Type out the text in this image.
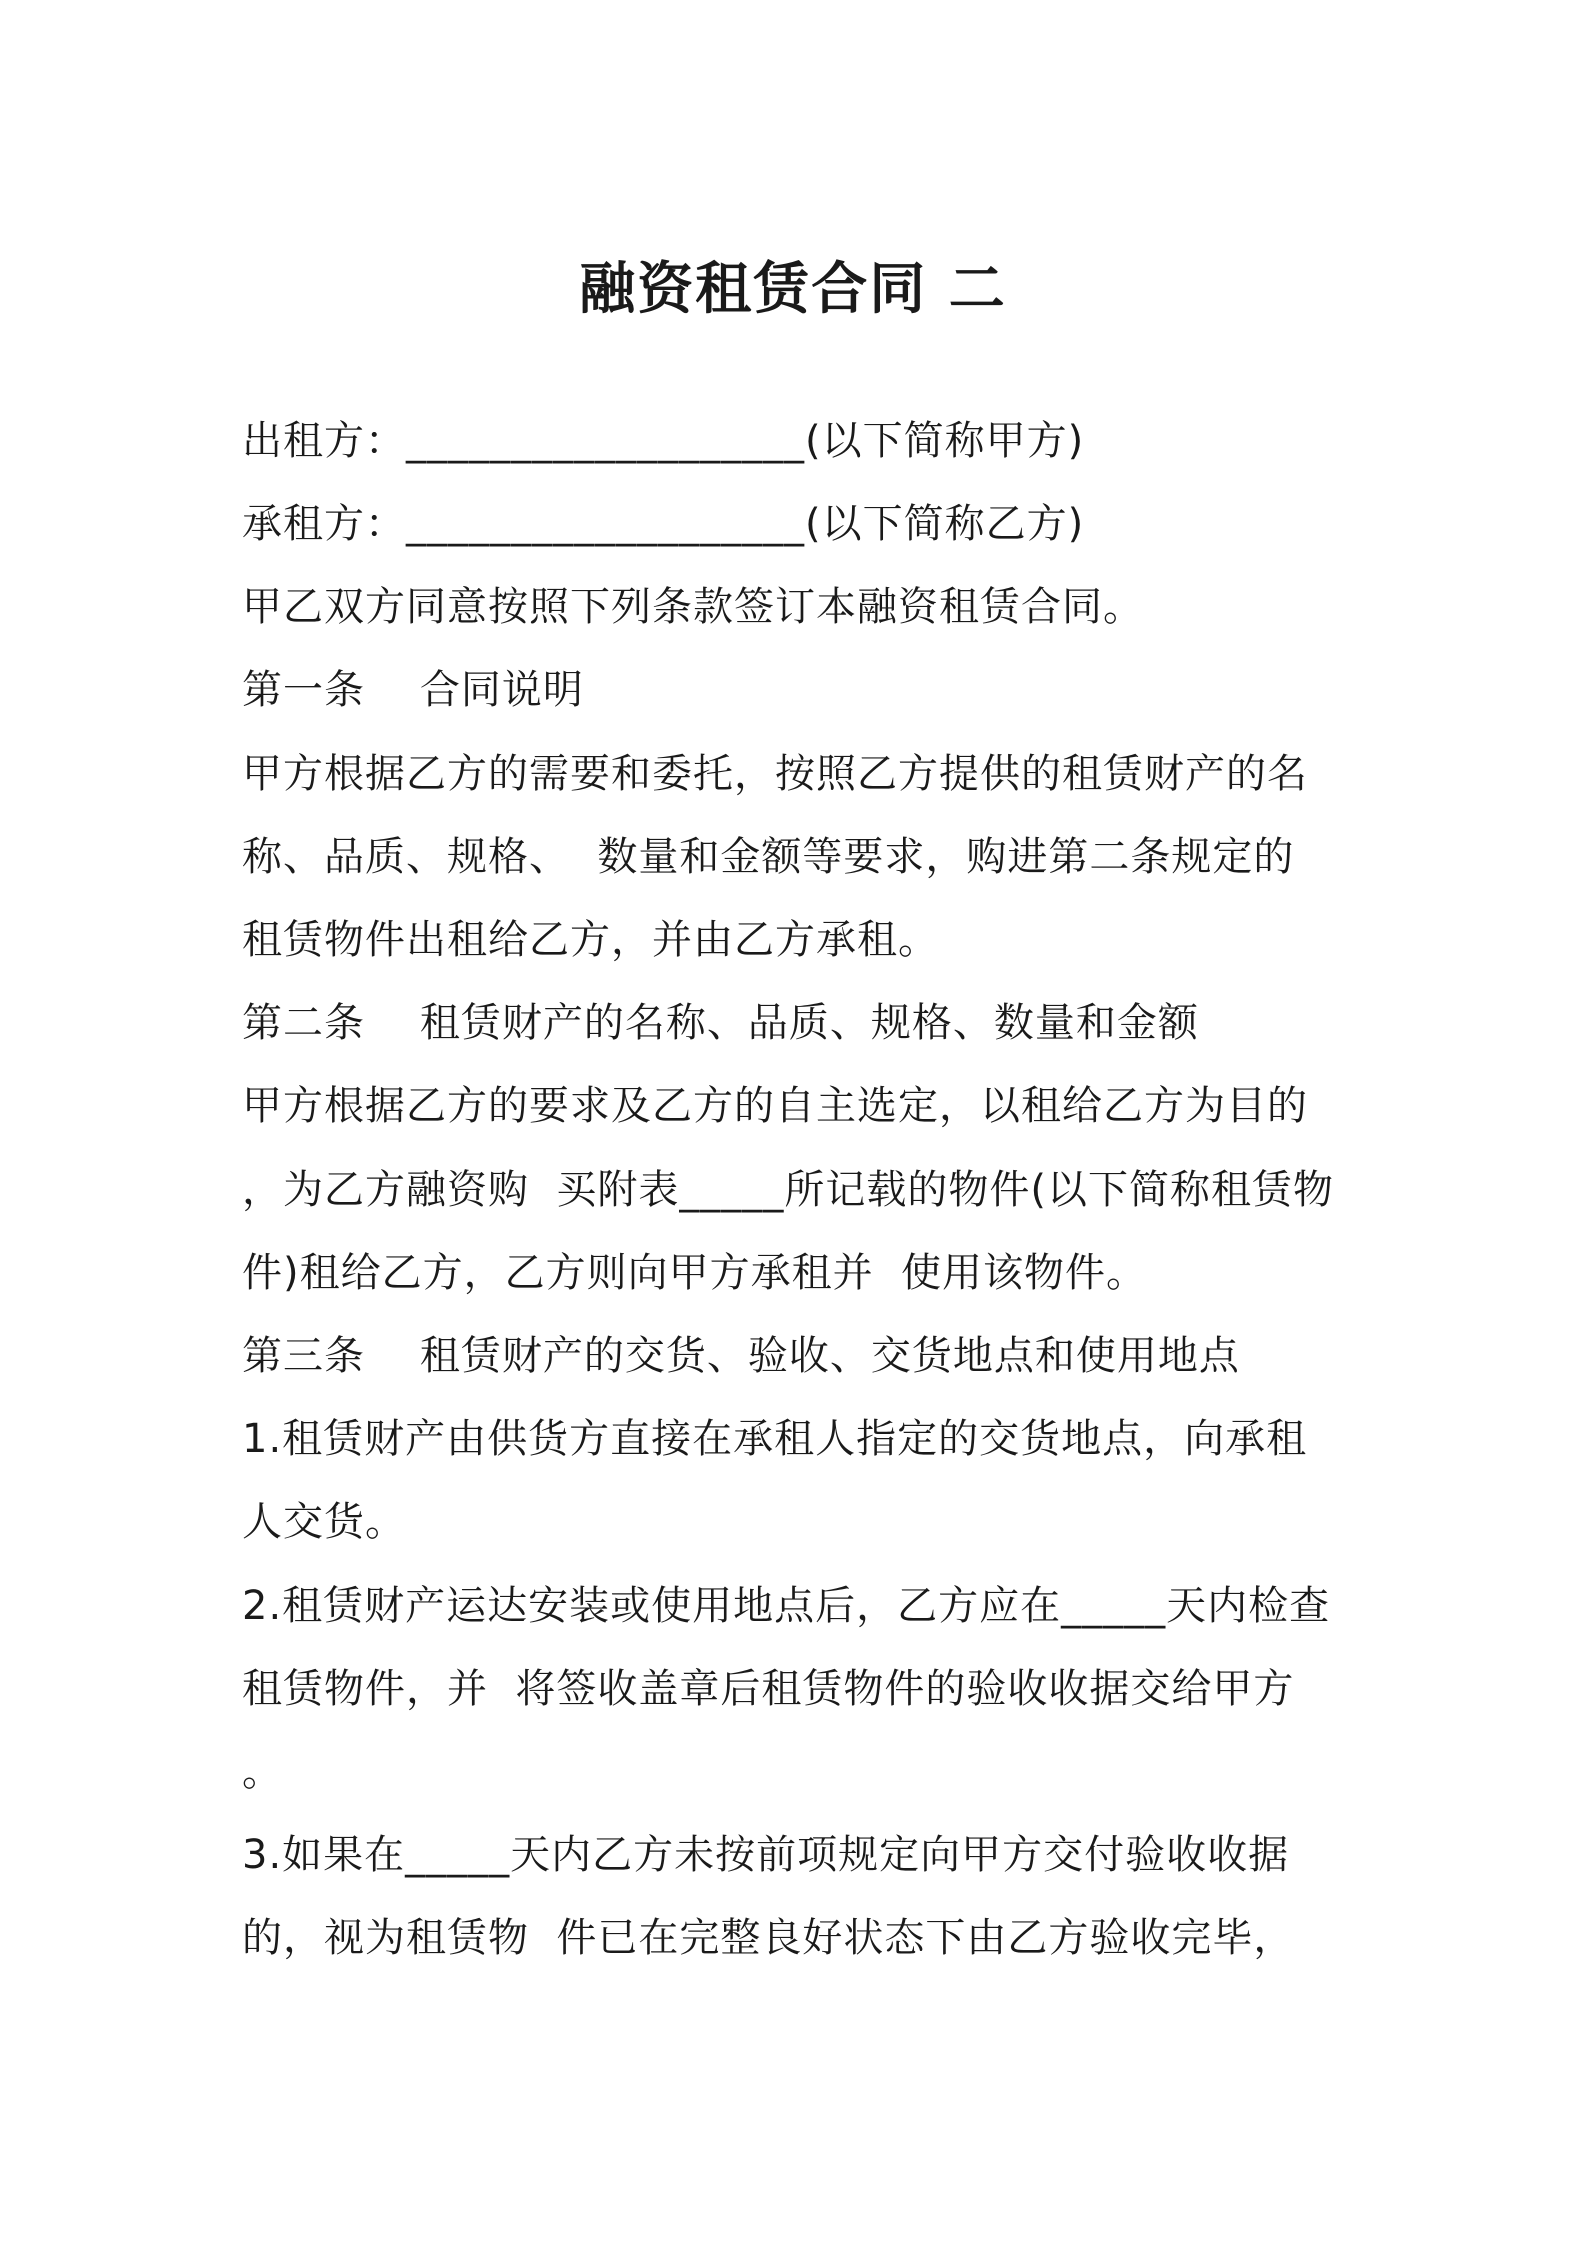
融资租赁合同 二
出租方：___________________(以下简称甲方)
承租方：___________________(以下简称乙方)
甲乙双方同意按照下列条款签订本融资租赁合同。
第一条    合同说明
甲方根据乙方的需要和委托，按照乙方提供的租赁财产的名
称、品质、规格、  数量和金额等要求，购进第二条规定的
租赁物件出租给乙方，并由乙方承租。
第二条    租赁财产的名称、品质、规格、数量和金额
甲方根据乙方的要求及乙方的自主选定，以租给乙方为目的
，为乙方融资购  买附表_____所记载的物件(以下简称租赁物
件)租给乙方，乙方则向甲方承租并  使用该物件。
第三条    租赁财产的交货、验收、交货地点和使用地点
1.租赁财产由供货方直接在承租人指定的交货地点，向承租
人交货。
2.租赁财产运达安装或使用地点后，乙方应在_____天内检查
租赁物件，并  将签收盖章后租赁物件的验收收据交给甲方
。
3.如果在_____天内乙方未按前项规定向甲方交付验收收据
的，视为租赁物  件已在完整良好状态下由乙方验收完毕，
